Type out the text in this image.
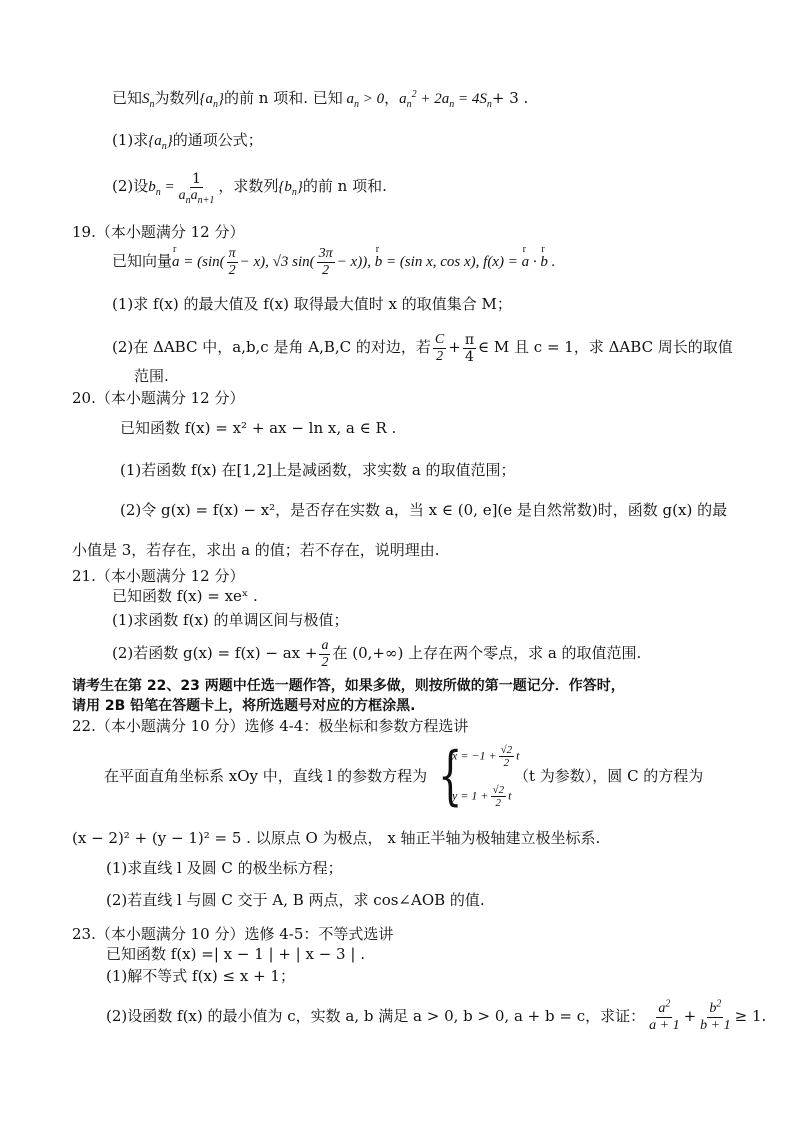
已知$S_n$为数列$\{a_n\}$的前 n 项和. 已知 $a_n > 0$，$a_n^2 + 2a_n = 4S_n+ 3$ .
(1)求$\{a_n\}$的通项公式；
(2)设$b_n = \frac{1}{a_na_{n+1}}$ ，求数列$\{b_n\}$的前 n 项和.
19.（本小题满分 12 分）
已知向量r $a = (\sin( \frac{\pi}{2} - x)$, √3 $\sin( \frac{3\pi}{2} - x)$), r b = (sin x, cos x), f(x) = r a · r b .
(1)求 f(x) 的最大值及 f(x) 取得最大值时 x 的取值集合 M；
(2)在 ΔABC 中，a,b,c 是角 A,B,C 的对边，若 $\frac{C}{2} + \frac{\pi}{4}$ ∈ M 且 c = 1，求 ΔABC 周长的取值
范围.
20.（本小题满分 12 分）
已知函数 f(x) = x² + ax − ln x, a ∈ R .
(1)若函数 f(x) 在[1,2]上是减函数，求实数 a 的取值范围；
(2)令 g(x) = f(x) − x²，是否存在实数 a，当 x ∈ (0, e](e 是自然常数)时，函数 g(x) 的最
小值是 3，若存在，求出 a 的值；若不存在，说明理由.
21.（本小题满分 12 分）
已知函数 f(x) = xeˣ .
(1)求函数 f(x) 的单调区间与极值；
(2)若函数 g(x) = f(x) − ax + $\frac{a}{2}$ 在 (0,+∞) 上存在两个零点，求 a 的取值范围.
请考生在第 22、23 两题中任选一题作答，如果多做，则按所做的第一题记分．作答时，
请用 2B 铅笔在答题卡上，将所选题号对应的方框涂黑.
22.（本小题满分 10 分）选修 4-4：极坐标和参数方程选讲
在平面直角坐标系 xOy 中，直线 l 的参数方程为 {
$x = -1 + \frac{√2}{2}$ t
$y = 1 + \frac{√2}{2}$ t
（t 为参数），圆 C 的方程为
(x − 2)² + (y − 1)² = 5 . 以原点 O 为极点， x 轴正半轴为极轴建立极坐标系.
(1)求直线 l 及圆 C 的极坐标方程；
(2)若直线 l 与圆 C 交于 A, B 两点，求 cos∠AOB 的值.
23.（本小题满分 10 分）选修 4-5：不等式选讲
已知函数 f(x) =| x − 1 | + | x − 3 | .
(1)解不等式 f(x) ≤ x + 1；
(2)设函数 f(x) 的最小值为 c，实数 a, b 满足 a > 0, b > 0, a + b = c，求证： $\frac{a^2}{a + 1} + \frac{b^2}{b + 1} \ge 1$.
